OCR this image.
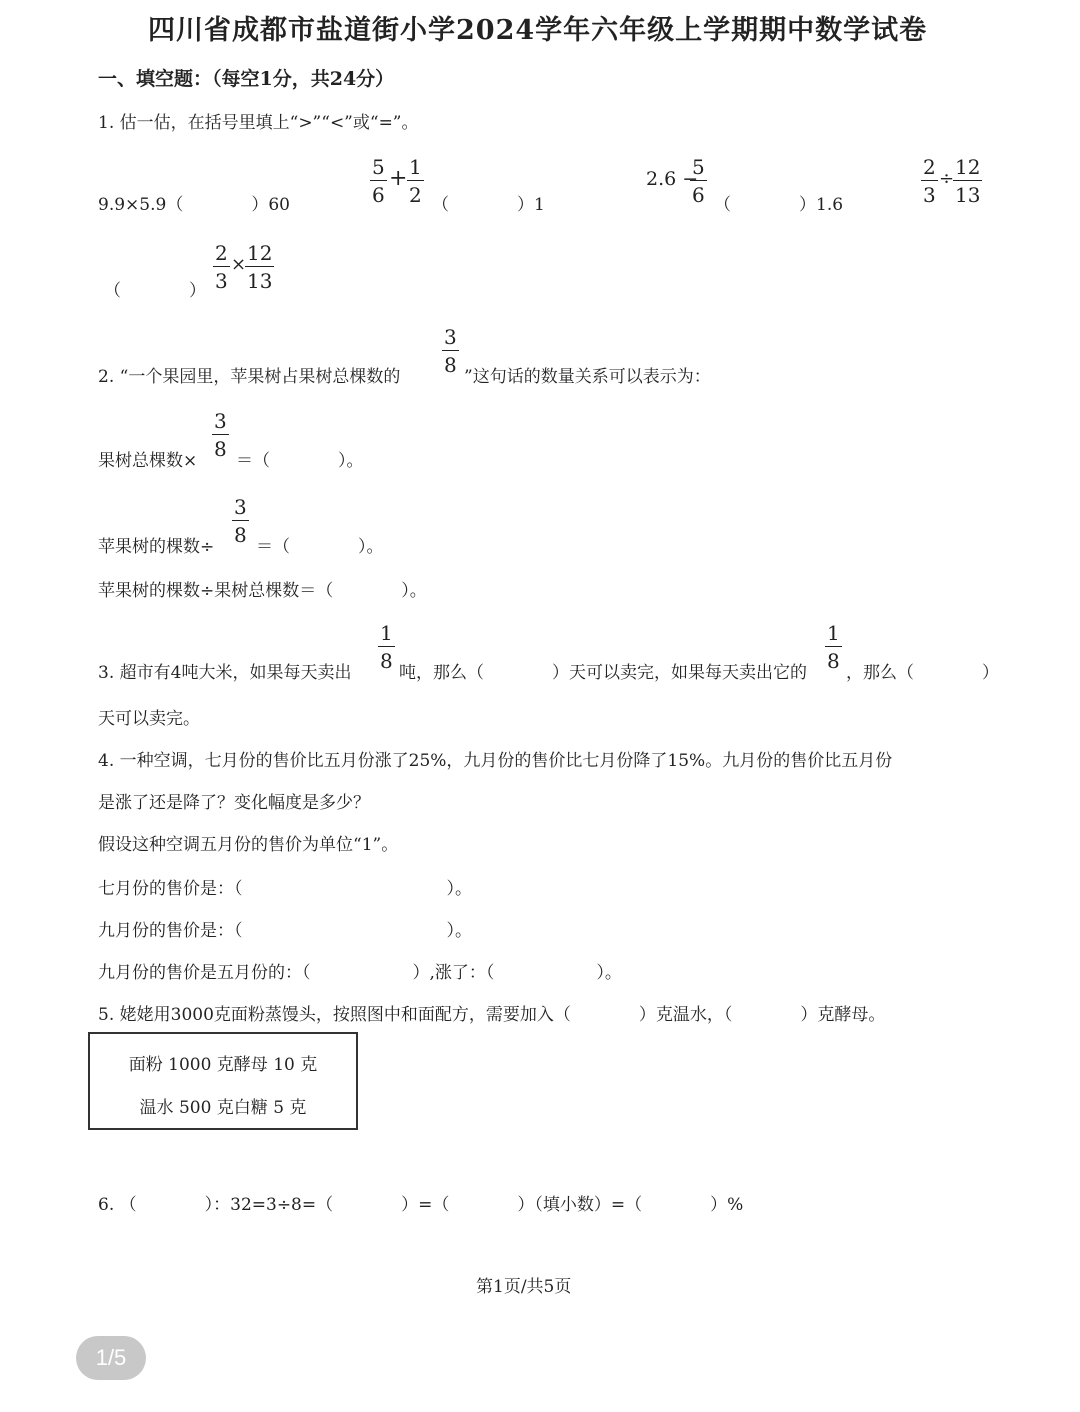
四川省成都市盐道街小学2024学年六年级上学期期中数学试卷
一、填空题：（每空1分，共24分）
1. 估一估，在括号里填上“>”“<”或“=”。
9.9×5.9（　　　　）60
5
6
+ 1
2 （　　　　）1
2.6 −
5
6 （　　　　）1.6
2
3
÷ 12
13
（　　　　）
2
3
× 12
13
2. “一个果园里，苹果树占果树总棵数的
3
8 ”这句话的数量关系可以表示为：
果树总棵数×
3
8 ＝（　　　　）。
苹果树的棵数÷
3
8 ＝（　　　　）。
苹果树的棵数÷果树总棵数＝（　　　　）。
3. 超市有4吨大米，如果每天卖出
1
8 吨，那么（　　　　）天可以卖完，如果每天卖出它的
1
8 ，那么（　　　　）
天可以卖完。
4. 一种空调，七月份的售价比五月份涨了25%，九月份的售价比七月份降了15%。九月份的售价比五月份
是涨了还是降了？变化幅度是多少？
假设这种空调五月份的售价为单位“1”。
七月份的售价是：（　　　　　　　　　　　　）。
九月份的售价是：（　　　　　　　　　　　　）。
九月份的售价是五月份的：（　　　　　　）,涨了：（　　　　　　）。
5. 姥姥用3000克面粉蒸馒头，按照图中和面配方，需要加入（　　　　）克温水，（　　　　）克酵母。
面粉 1000 克酵母 10 克
温水 500 克白糖 5 克
6. （　　　　）：32=3÷8=（　　　　）=（　　　　）（填小数）=（　　　　）%
第1页/共5页
1/5
